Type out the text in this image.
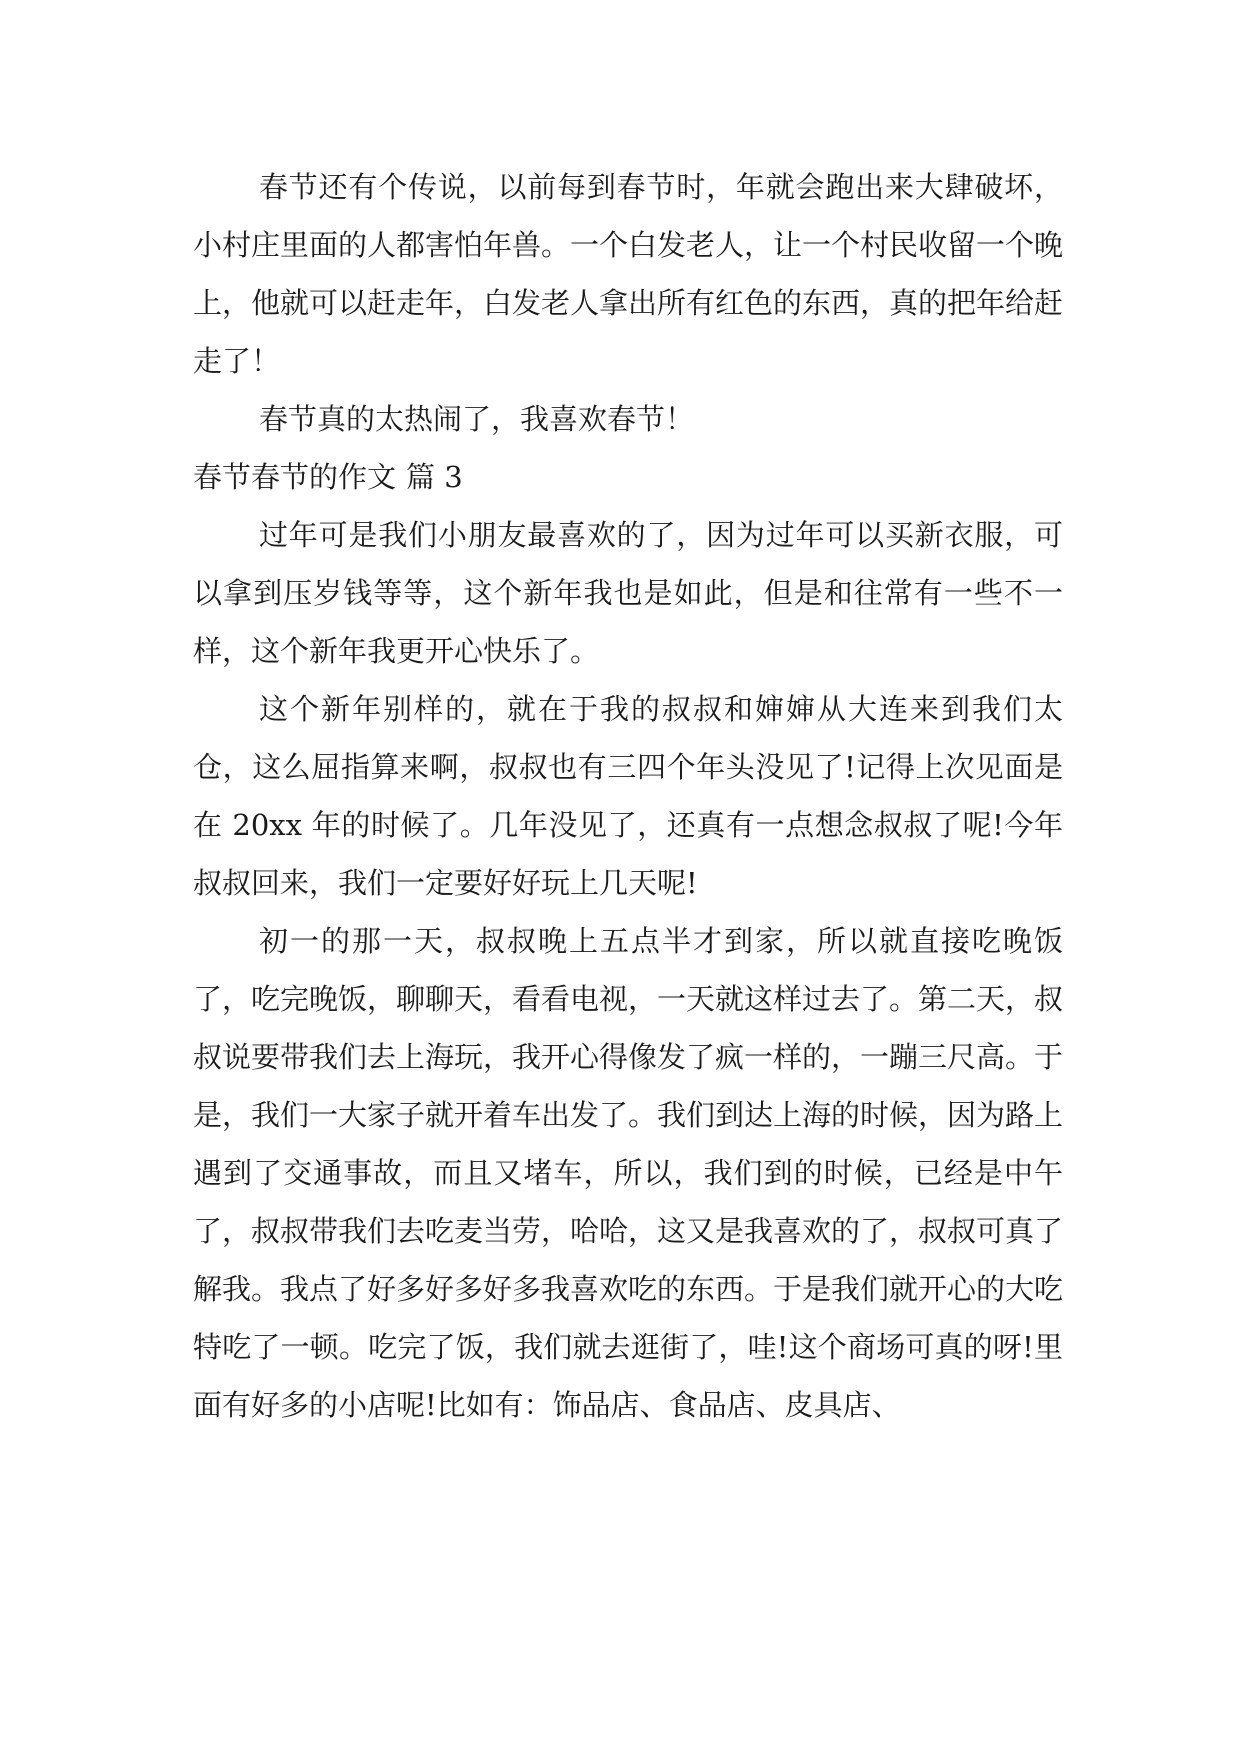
春节还有个传说，以前每到春节时，年就会跑出来大肆破坏，小村庄里面的人都害怕年兽。一个白发老人，让一个村民收留一个晚上，他就可以赶走年，白发老人拿出所有红色的东西，真的把年给赶走了！

春节真的太热闹了，我喜欢春节！

春节春节的作文 篇 3

过年可是我们小朋友最喜欢的了，因为过年可以买新衣服，可以拿到压岁钱等等，这个新年我也是如此，但是和往常有一些不一样，这个新年我更开心快乐了。

这个新年别样的，就在于我的叔叔和婶婶从大连来到我们太仓，这么屈指算来啊，叔叔也有三四个年头没见了!记得上次见面是在 20xx 年的时候了。几年没见了，还真有一点想念叔叔了呢!今年叔叔回来，我们一定要好好玩上几天呢!

初一的那一天，叔叔晚上五点半才到家，所以就直接吃晚饭了，吃完晚饭，聊聊天，看看电视，一天就这样过去了。第二天，叔叔说要带我们去上海玩，我开心得像发了疯一样的，一蹦三尺高。于是，我们一大家子就开着车出发了。我们到达上海的时候，因为路上遇到了交通事故，而且又堵车，所以，我们到的时候，已经是中午了，叔叔带我们去吃麦当劳，哈哈，这又是我喜欢的了，叔叔可真了解我。我点了好多好多好多我喜欢吃的东西。于是我们就开心的大吃特吃了一顿。吃完了饭，我们就去逛街了，哇!这个商场可真的呀!里面有好多的小店呢!比如有：饰品店、食品店、皮具店、
